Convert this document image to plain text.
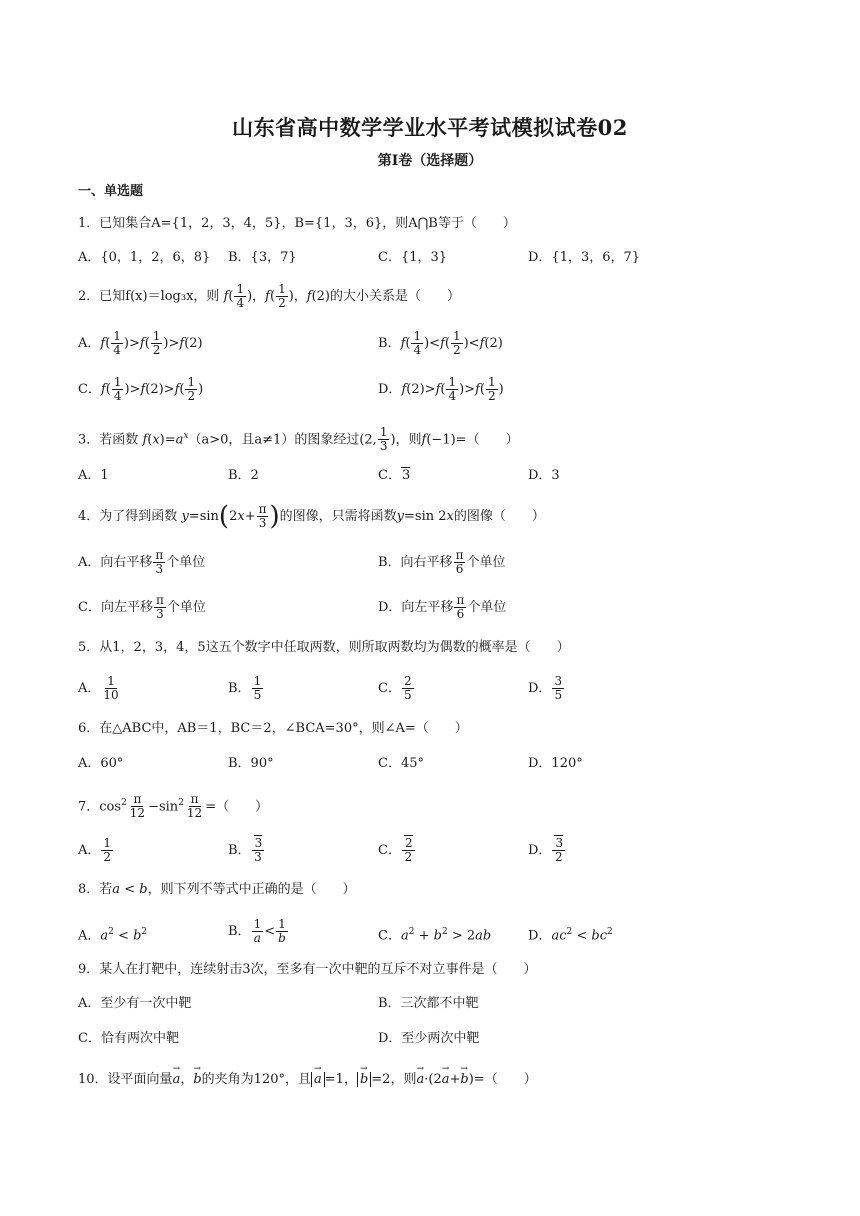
山东省高中数学学业水平考试模拟试卷02
第Ⅰ卷（选择题）
一、单选题
1．已知集合A={1，2，3，4，5}，B={1，3，6}，则A⋂B等于（　　）
A．{0，1，2，6，8} B．{3，7}	C．{1，3}	D．{1，3，6，7}
2．已知f(x)＝log₃x，则 $f( \frac{1}{4}$ )，$f( \frac{1}{2}$ )，f(2)的大小关系是（　　）
A．$f( \frac{1}{4} )>f( \frac{1}{2} )>f(2)$	B．$f( \frac{1}{4} )<f( \frac{1}{2} )<f(2)$
C．$f( \frac{1}{4} )>f(2)>f( \frac{1}{2}$ )	D．$f(2)>f( \frac{1}{4} )>f( \frac{1}{2}$ )
3．若函数 $f(x)=a^x(a>0$，且a≠1）的图象经过(2, $\frac{1}{3}$ )，则f(−1)=（　　）
A．1	B．2	C．3	D．3
4．为了得到函数 $y=\sin(2x+ \frac{\pi}{3}$ )的图像，只需将函数y=sin 2x的图像（　　）
A．向右平移 $\frac{\pi}{3}$ 个单位	B．向右平移 $\frac{\pi}{6}$ 个单位
C．向左平移 $\frac{\pi}{3}$ 个单位	D．向左平移 $\frac{\pi}{6}$ 个单位
5．从1，2，3，4，5这五个数字中任取两数，则所取两数均为偶数的概率是（　　）
A． $\frac{1}{10}$	B． $\frac{1}{5}$	C． $\frac{2}{5}$	D． $\frac{3}{5}$
6．在△ABC中，AB＝1，BC＝2，∠BCA=30°，则∠A=（　　）
A．60°	B．90°	C．45°	D．120°
7．$\cos^2 \frac{\pi}{12} -\sin^2 \frac{\pi}{12}$ =（　　）
A． $\frac{1}{2}$	B． $\frac{3}{3}$	C． $\frac{2}{2}$	D． $\frac{3}{2}$
8．若a < b，则下列不等式中正确的是（　　）
A．$a^2 < b^2$	B． $\frac{1}{a} < \frac{1}{b}$	C．$a^2 + b^2 > 2ab$	D．$ac^2 < bc^2$
9．某人在打靶中，连续射击3次，至多有一次中靶的互斥不对立事件是（　　）
A．至少有一次中靶	B．三次都不中靶
C．恰有两次中靶	D．至少两次中靶
10．设平面向量→ a，→ b的夹角为120°，且 → a =1， → b =2，则→ a·(2→ a+→ b)=（　　）
